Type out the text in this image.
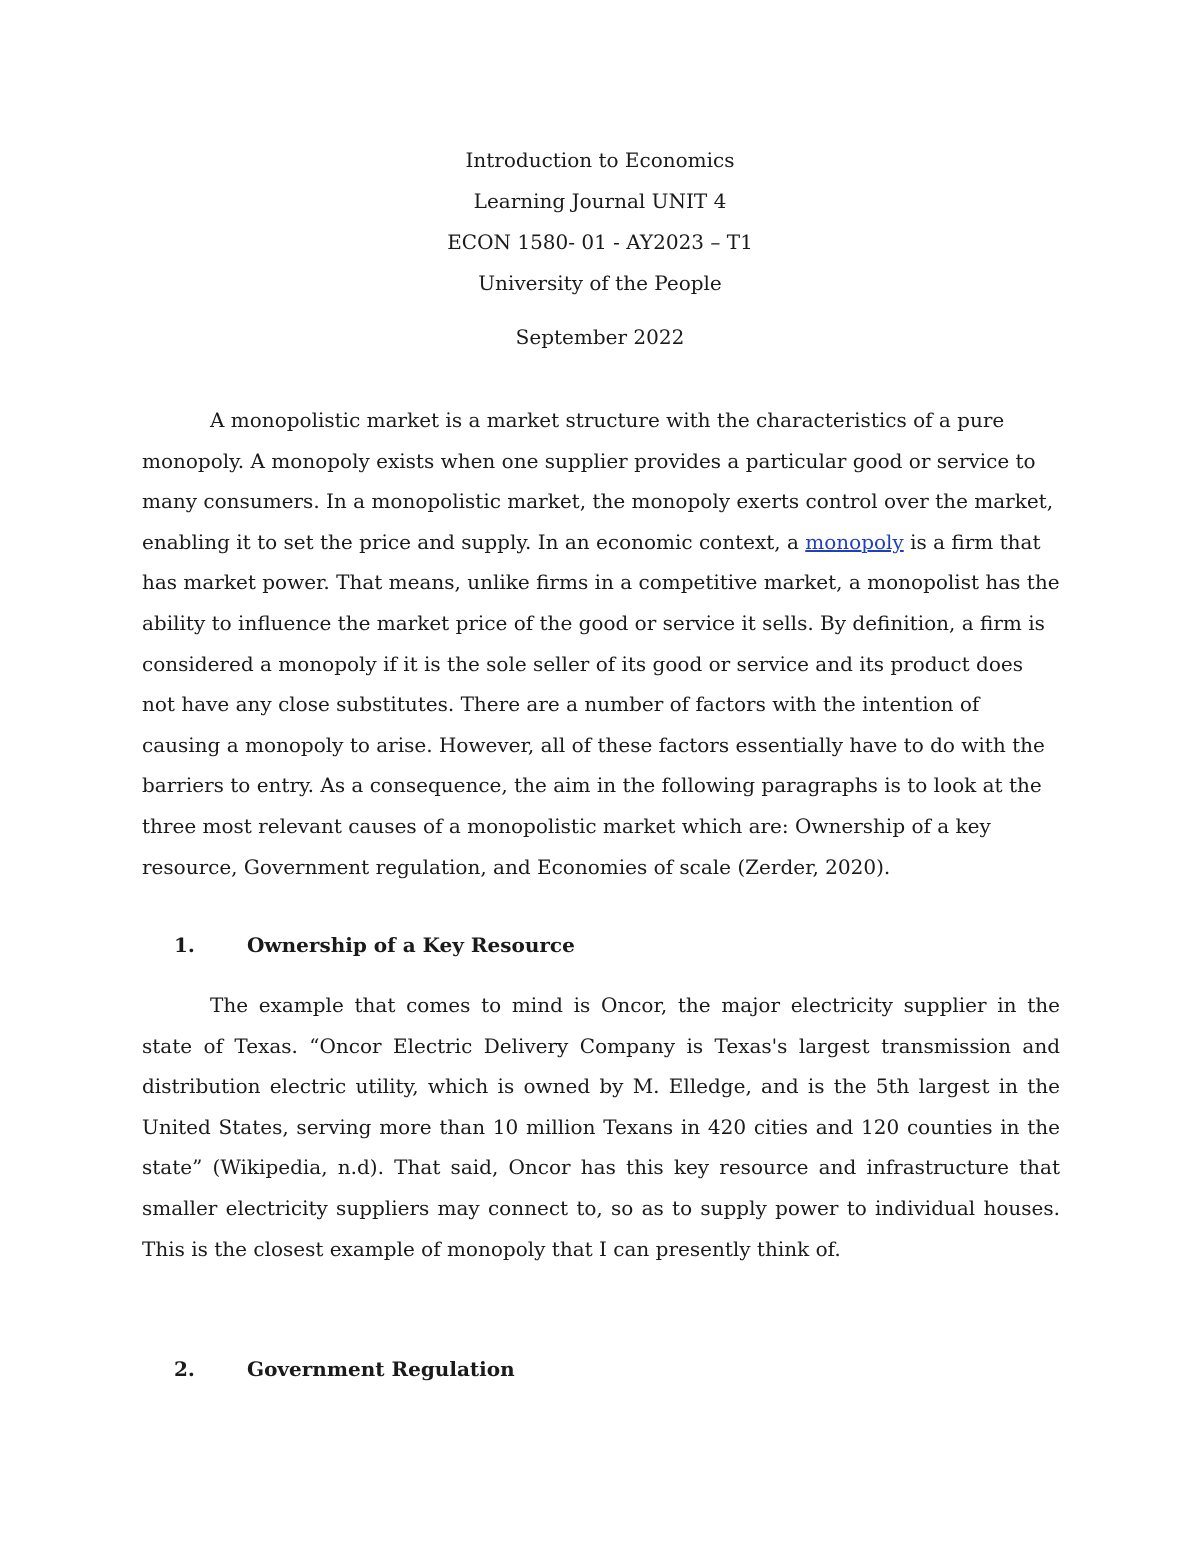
Introduction to Economics
Learning Journal UNIT 4
ECON 1580- 01 - AY2023 – T1
University of the People
September 2022

A monopolistic market is a market structure with the characteristics of a pure monopoly. A monopoly exists when one supplier provides a particular good or service to many consumers. In a monopolistic market, the monopoly exerts control over the market, enabling it to set the price and supply. In an economic context, a monopoly is a firm that has market power. That means, unlike firms in a competitive market, a monopolist has the ability to influence the market price of the good or service it sells. By definition, a firm is considered a monopoly if it is the sole seller of its good or service and its product does not have any close substitutes. There are a number of factors with the intention of causing a monopoly to arise. However, all of these factors essentially have to do with the barriers to entry. As a consequence, the aim in the following paragraphs is to look at the three most relevant causes of a monopolistic market which are: Ownership of a key resource, Government regulation, and Economies of scale (Zerder, 2020).

1.	Ownership of a Key Resource

The example that comes to mind is Oncor, the major electricity supplier in the state of Texas. “Oncor Electric Delivery Company is Texas's largest transmission and distribution electric utility, which is owned by M. Elledge, and is the 5th largest in the United States, serving more than 10 million Texans in 420 cities and 120 counties in the state” (Wikipedia, n.d). That said, Oncor has this key resource and infrastructure that smaller electricity suppliers may connect to, so as to supply power to individual houses. This is the closest example of monopoly that I can presently think of.

2.	Government Regulation
